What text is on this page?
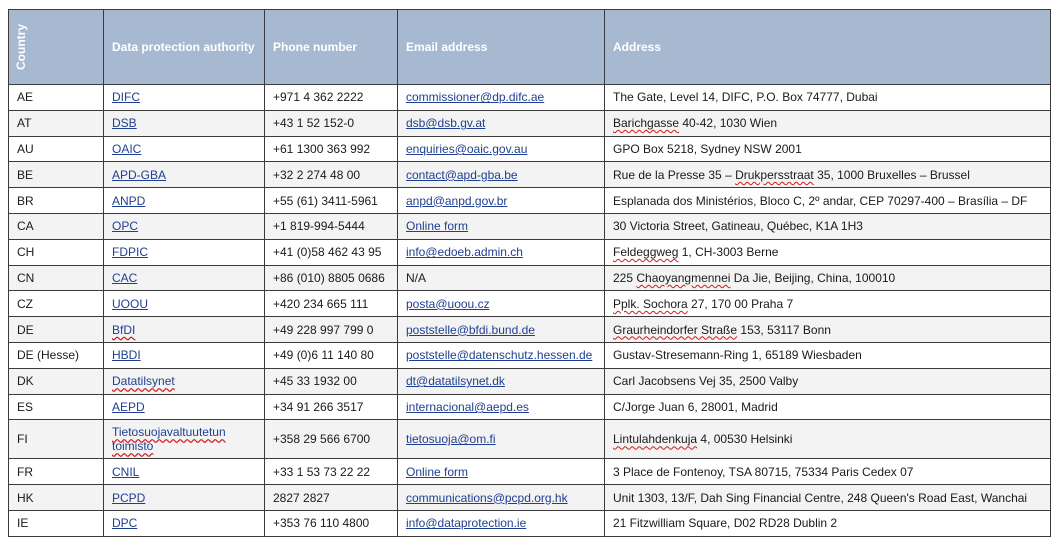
Country	Data protection authority	Phone number	Email address	Address
AE	DIFC	+971 4 362 2222	commissioner@dp.difc.ae	The Gate, Level 14, DIFC, P.O. Box 74777, Dubai
AT	DSB	+43 1 52 152-0	dsb@dsb.gv.at	Barichgasse 40-42, 1030 Wien
AU	OAIC	+61 1300 363 992	enquiries@oaic.gov.au	GPO Box 5218, Sydney NSW 2001
BE	APD-GBA	+32 2 274 48 00	contact@apd-gba.be	Rue de la Presse 35 – Drukpersstraat 35, 1000 Bruxelles – Brussel
BR	ANPD	+55 (61) 3411-5961	anpd@anpd.gov.br	Esplanada dos Ministérios, Bloco C, 2º andar, CEP 70297-400 – Brasília – DF
CA	OPC	+1 819-994-5444	Online form	30 Victoria Street, Gatineau, Québec, K1A 1H3
CH	FDPIC	+41 (0)58 462 43 95	info@edoeb.admin.ch	Feldeggweg 1, CH-3003 Berne
CN	CAC	+86 (010) 8805 0686	N/A	225 Chaoyangmennei Da Jie, Beijing, China, 100010
CZ	UOOU	+420 234 665 111	posta@uoou.cz	Pplk. Sochora 27, 170 00 Praha 7
DE	BfDI	+49 228 997 799 0	poststelle@bfdi.bund.de	Graurheindorfer Straße 153, 53117 Bonn
DE (Hesse)	HBDI	+49 (0)6 11 140 80	poststelle@datenschutz.hessen.de	Gustav-Stresemann-Ring 1, 65189 Wiesbaden
DK	Datatilsynet	+45 33 1932 00	dt@datatilsynet.dk	Carl Jacobsens Vej 35, 2500 Valby
ES	AEPD	+34 91 266 3517	internacional@aepd.es	C/Jorge Juan 6, 28001, Madrid
FI	Tietosuojavaltuutetun toimisto	+358 29 566 6700	tietosuoja@om.fi	Lintulahdenkuja 4, 00530 Helsinki
FR	CNIL	+33 1 53 73 22 22	Online form	3 Place de Fontenoy, TSA 80715, 75334 Paris Cedex 07
HK	PCPD	2827 2827	communications@pcpd.org.hk	Unit 1303, 13/F, Dah Sing Financial Centre, 248 Queen's Road East, Wanchai
IE	DPC	+353 76 110 4800	info@dataprotection.ie	21 Fitzwilliam Square, D02 RD28 Dublin 2
